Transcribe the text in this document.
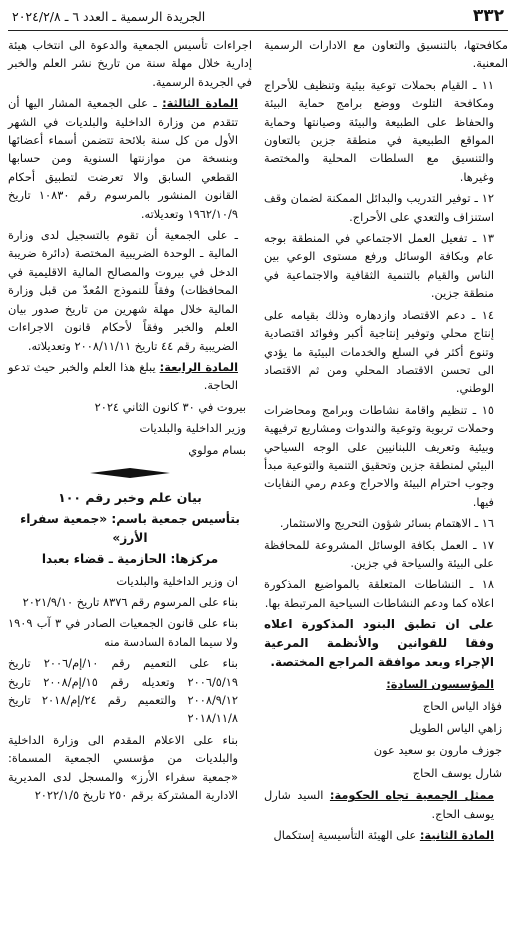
٣٣٢
الجريدة الرسمية ـ العدد ٦ ـ ٢٠٢٤/٢/٨

مكافحتها، بالتنسيق والتعاون مع الادارات الرسمية المعنية.

١١ ـ القيام بحملات توعية بيئية وتنظيف للأحراج ومكافحة التلوث ووضع برامج حماية البيئة والحفاظ على الطبيعة والبيئة وصيانتها وحماية المواقع الطبيعية في منطقة جزين بالتعاون والتنسيق مع السلطات المحلية والمختصة وغيرها.

١٢ ـ توفير التدريب والبدائل الممكنة لضمان وقف استنزاف والتعدي على الأحراج.

١٣ ـ تفعيل العمل الاجتماعي في المنطقة بوجه عام وبكافة الوسائل ورفع مستوى الوعي بين الناس والقيام بالتنمية الثقافية والاجتماعية في منطقة جزين.

١٤ ـ دعم الاقتصاد وازدهاره وذلك بقيامه على إنتاج محلي وتوفير إنتاجية أكبر وفوائد اقتصادية وتنوع أكثر في السلع والخدمات البيئية ما يؤدي الى تحسن الاقتصاد المحلي ومن ثم الاقتصاد الوطني.

١٥ ـ تنظيم واقامة نشاطات وبرامج ومحاضرات وحملات تربوية وتوعية والندوات ومشاريع ترفيهية وبيئية وتعريف اللبنانيين على الوجه السياحي البيئي لمنطقة جزين وتحقيق التنمية والتوعية مبدأ وجوب احترام البيئة والاحراج وعدم رمي النفايات فيها.

١٦ ـ الاهتمام بسائر شؤون التحريج والاستثمار.

١٧ ـ العمل بكافة الوسائل المشروعة للمحافظة على البيئة والسياحة في جزين.

١٨ ـ النشاطات المتعلقة بالمواضيع المذكورة اعلاه كما ودعم النشاطات السياحية المرتبطة بها.

على ان تطبق البنود المذكورة اعلاه وفقا للقوانين والأنظمة المرعية الإجراء وبعد موافقة المراجع المختصة.

المؤسسون السادة:

فؤاد الياس الحاج

زاهي الياس الطويل

جوزف مارون بو سعيد عون

شارل يوسف الحاج

ممثل الجمعية تجاه الحكومة: السيد شارل يوسف الحاج.

المادة الثانية: على الهيئة التأسيسية إستكمال

اجراءات تأسيس الجمعية والدعوة الى انتخاب هيئة إدارية خلال مهلة سنة من تاريخ نشر العلم والخبر في الجريدة الرسمية.

المادة الثالثة: ـ على الجمعية المشار اليها أن تتقدم من وزارة الداخلية والبلديات في الشهر الأول من كل سنة بلائحة تتضمن أسماء أعضائها وبنسخة من موازنتها السنوية ومن حسابها القطعي السابق والا تعرضت لتطبيق أحكام القانون المنشور بالمرسوم رقم ١٠٨٣٠ تاريخ ١٩٦٢/١٠/٩ وتعديلاته.

ـ على الجمعية أن تقوم بالتسجيل لدى وزارة المالية ـ الوحدة الضريبية المختصة (دائرة ضريبة الدخل في بيروت والمصالح المالية الاقليمية في المحافظات) وفقاً للنموذج المُعدّ من قبل وزارة المالية خلال مهلة شهرين من تاريخ صدور بيان العلم والخبر وفقاً لأحكام قانون الاجراءات الضريبية رقم ٤٤ تاريخ ٢٠٠٨/١١/١١ وتعديلاته.

المادة الرابعة: يبلغ هذا العلم والخبر حيث تدعو الحاجة.

بيروت في ٣٠ كانون الثاني ٢٠٢٤

وزير الداخلية والبلديات

بسام مولوي

بيان علم وخبر رقم ١٠٠

بتأسيس جمعية باسم: «جمعية سفراء الأرز»

مركزها: الحازمية ـ قضاء بعبدا

ان وزير الداخلية والبلديات

بناء على المرسوم رقم ٨٣٧٦ تاريخ ٢٠٢١/٩/١٠

بناء على قانون الجمعيات الصادر في ٣ آب ١٩٠٩ ولا سيما المادة السادسة منه

بناء على التعميم رقم ١٠/إم/٢٠٠٦ تاريخ ٢٠٠٦/٥/١٩ وتعديله رقم ١٥/إم/٢٠٠٨ تاريخ ٢٠٠٨/٩/١٢ والتعميم رقم ٢٤/إم/٢٠١٨ تاريخ ٢٠١٨/١١/٨

بناء على الاعلام المقدم الى وزارة الداخلية والبلديات من مؤسسي الجمعية المسماة: «جمعية سفراء الأرز» والمسجل لدى المديرية الادارية المشتركة برقم ٢٥٠ تاريخ ٢٠٢٢/١/٥
